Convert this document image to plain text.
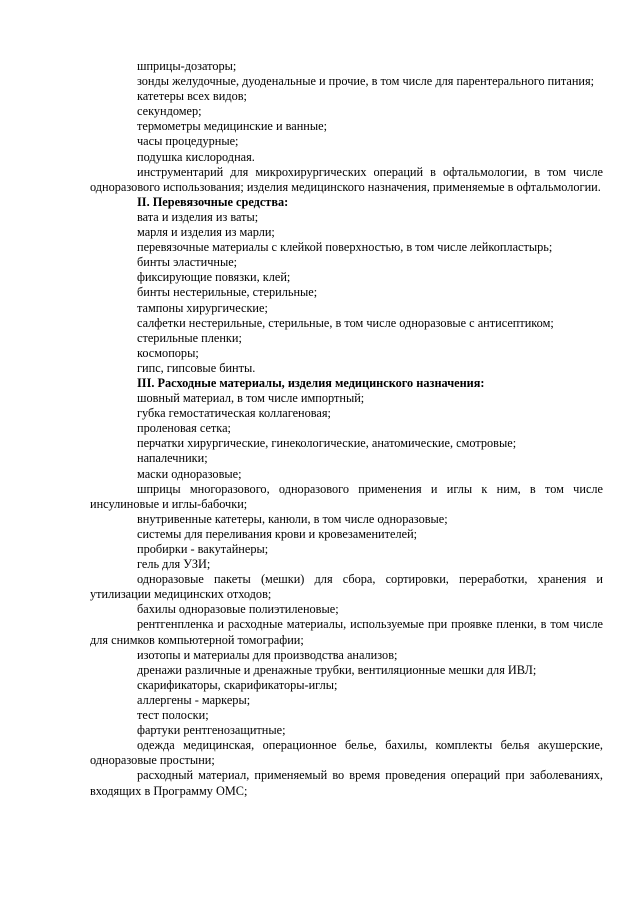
шприцы-дозаторы;

зонды желудочные, дуоденальные и прочие, в том числе для парентерального питания;

катетеры всех видов;

секундомер;

термометры медицинские и ванные;

часы процедурные;

подушка кислородная.

инструментарий для микрохирургических операций в офтальмологии, в том числе одноразового использования; изделия медицинского назначения, применяемые в офтальмологии.

II. Перевязочные средства:

вата и изделия из ваты;

марля и изделия из марли;

перевязочные материалы с клейкой поверхностью, в том числе лейкопластырь;

бинты эластичные;

фиксирующие повязки, клей;

бинты нестерильные, стерильные;

тампоны хирургические;

салфетки нестерильные, стерильные, в том числе одноразовые с антисептиком;

стерильные пленки;

космопоры;

гипс, гипсовые бинты.

III. Расходные материалы, изделия медицинского назначения:

шовный материал, в том числе импортный;

губка гемостатическая коллагеновая;

проленовая сетка;

перчатки хирургические, гинекологические, анатомические, смотровые;

напалечники;

маски одноразовые;

шприцы многоразового, одноразового применения и иглы к ним, в том числе инсулиновые и иглы-бабочки;

внутривенные катетеры, канюли, в том числе одноразовые;

системы для переливания крови и кровезаменителей;

пробирки - вакутайнеры;

гель для УЗИ;

одноразовые пакеты (мешки) для сбора, сортировки, переработки, хранения и утилизации медицинских отходов;

бахилы одноразовые полиэтиленовые;

рентгенпленка и расходные материалы, используемые при проявке пленки, в том числе для снимков компьютерной томографии;

изотопы и материалы для производства анализов;

дренажи различные и дренажные трубки, вентиляционные мешки для ИВЛ;

скарификаторы, скарификаторы-иглы;

аллергены - маркеры;

тест полоски;

фартуки рентгенозащитные;

одежда медицинская, операционное белье, бахилы, комплекты белья акушерские, одноразовые простыни;

расходный материал, применяемый во время проведения операций при заболеваниях, входящих в Программу ОМС;
